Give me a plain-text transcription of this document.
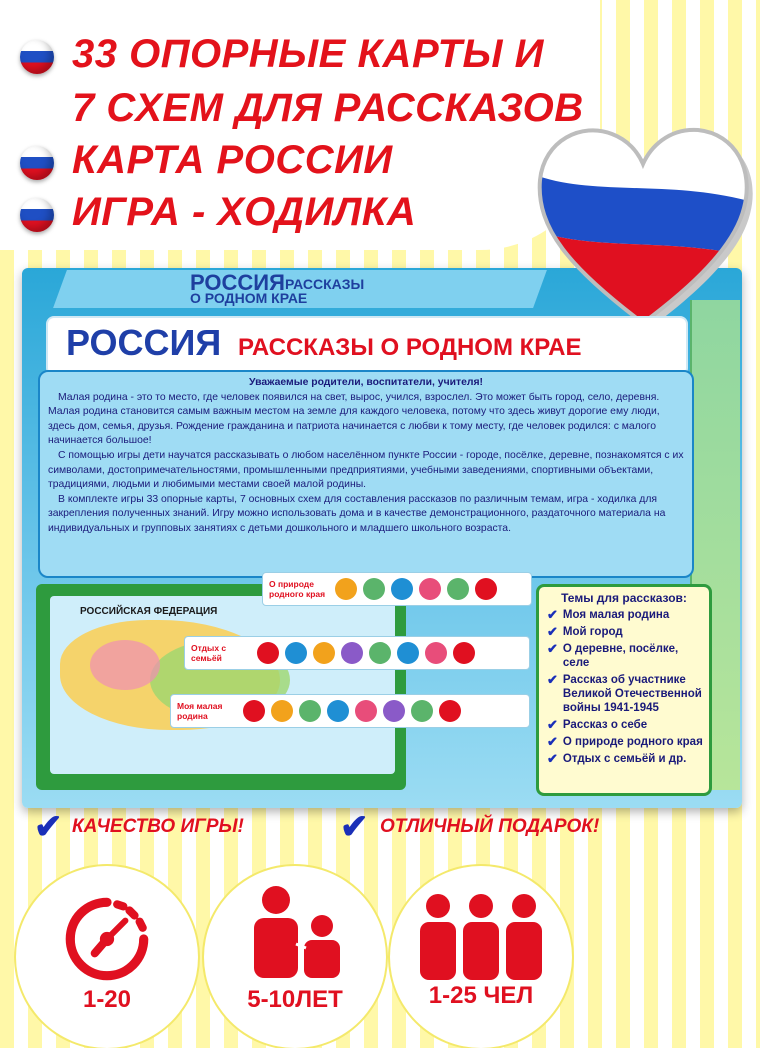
33 ОПОРНЫЕ КАРТЫ И
7 СХЕМ ДЛЯ РАССКАЗОВ
КАРТА РОССИИ
ИГРА - ХОДИЛКА
РОССИЯ РАССКАЗЫ
О РОДНОМ КРАЕ
РОССИЯ РАССКАЗЫ О РОДНОМ КРАЕ
Уважаемые родители, воспитатели, учителя!

Малая родина - это то место, где человек появился на свет, вырос, учился, взрослел. Это может быть город, село, деревня. Малая родина становится самым важным местом на земле для каждого человека, потому что здесь живут дорогие ему люди, здесь дом, семья, друзья. Рождение гражданина и патриота начинается с любви к тому месту, где человек родился: с малого начинается большое!

С помощью игры дети научатся рассказывать о любом населённом пункте России - городе, посёлке, деревне, познакомятся с их символами, достопримечательностями, промышленными предприятиями, учебными заведениями, спортивными объектами, традициями, людьми и любимыми местами своей малой родины.

В комплекте игры 33 опорные карты, 7 основных схем для составления рассказов по различным темам, игра - ходилка для закрепления полученных знаний. Игру можно использовать дома и в качестве демонстрационного, раздаточного материала на индивидуальных и групповых занятиях с детьми дошкольного и младшего школьного возраста.

РОССИЙСКАЯ ФЕДЕРАЦИЯ
О природе родного края
Отдых с семьёй
Моя малая родина
Темы для рассказов:
✔ Моя малая родина
✔ Мой город
✔ О деревне, посёлке, селе
✔ Рассказ об участнике Великой Отечественной войны 1941-1945
✔ Рассказ о себе
✔ О природе родного края
✔ Отдых с семьёй и др.
✔ КАЧЕСТВО ИГРЫ!	✔ ОТЛИЧНЫЙ ПОДАРОК!
1-20	5-10ЛЕТ	1-25 ЧЕЛ
